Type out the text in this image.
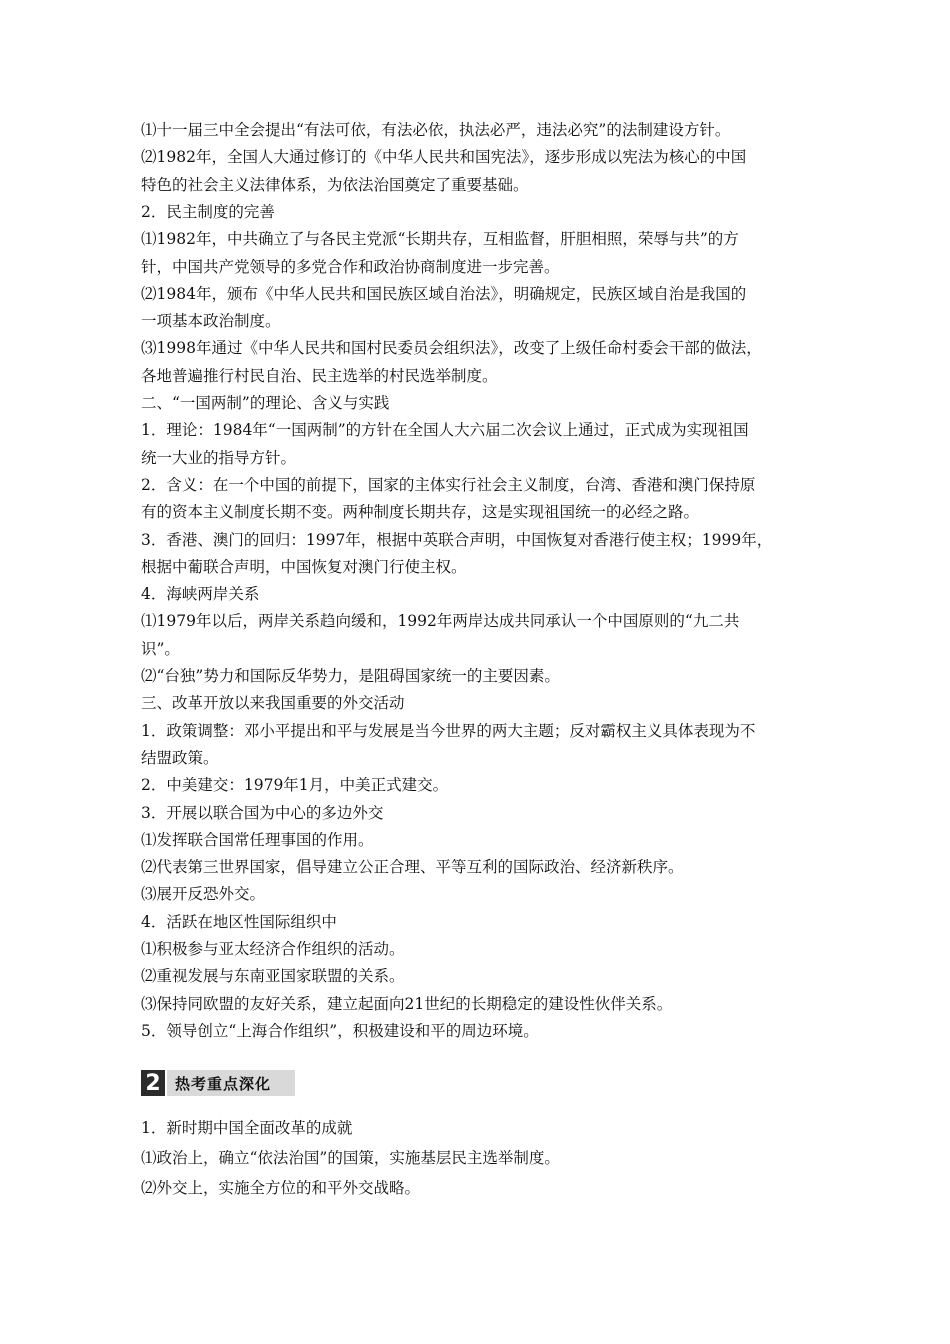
⑴十一届三中全会提出“有法可依，有法必依，执法必严，违法必究”的法制建设方针。
⑵1982年，全国人大通过修订的《中华人民共和国宪法》，逐步形成以宪法为核心的中国
特色的社会主义法律体系，为依法治国奠定了重要基础。
2．民主制度的完善
⑴1982年，中共确立了与各民主党派“长期共存，互相监督，肝胆相照，荣辱与共”的方
针，中国共产党领导的多党合作和政治协商制度进一步完善。
⑵1984年，颁布《中华人民共和国民族区域自治法》，明确规定，民族区域自治是我国的
一项基本政治制度。
⑶1998年通过《中华人民共和国村民委员会组织法》，改变了上级任命村委会干部的做法，
各地普遍推行村民自治、民主选举的村民选举制度。
二、“一国两制”的理论、含义与实践
1．理论：1984年“一国两制”的方针在全国人大六届二次会议上通过，正式成为实现祖国
统一大业的指导方针。
2．含义：在一个中国的前提下，国家的主体实行社会主义制度，台湾、香港和澳门保持原
有的资本主义制度长期不变。两种制度长期共存，这是实现祖国统一的必经之路。
3．香港、澳门的回归：1997年，根据中英联合声明，中国恢复对香港行使主权；1999年，
根据中葡联合声明，中国恢复对澳门行使主权。
4．海峡两岸关系
⑴1979年以后，两岸关系趋向缓和，1992年两岸达成共同承认一个中国原则的“九二共
识”。
⑵“台独”势力和国际反华势力，是阻碍国家统一的主要因素。
三、改革开放以来我国重要的外交活动
1．政策调整：邓小平提出和平与发展是当今世界的两大主题；反对霸权主义具体表现为不
结盟政策。
2．中美建交：1979年1月，中美正式建交。
3．开展以联合国为中心的多边外交
⑴发挥联合国常任理事国的作用。
⑵代表第三世界国家，倡导建立公正合理、平等互利的国际政治、经济新秩序。
⑶展开反恐外交。
4．活跃在地区性国际组织中
⑴积极参与亚太经济合作组织的活动。
⑵重视发展与东南亚国家联盟的关系。
⑶保持同欧盟的友好关系，建立起面向21世纪的长期稳定的建设性伙伴关系。
5．领导创立“上海合作组织”，积极建设和平的周边环境。
2 热考重点深化
1．新时期中国全面改革的成就
⑴政治上，确立“依法治国”的国策，实施基层民主选举制度。
⑵外交上，实施全方位的和平外交战略。
